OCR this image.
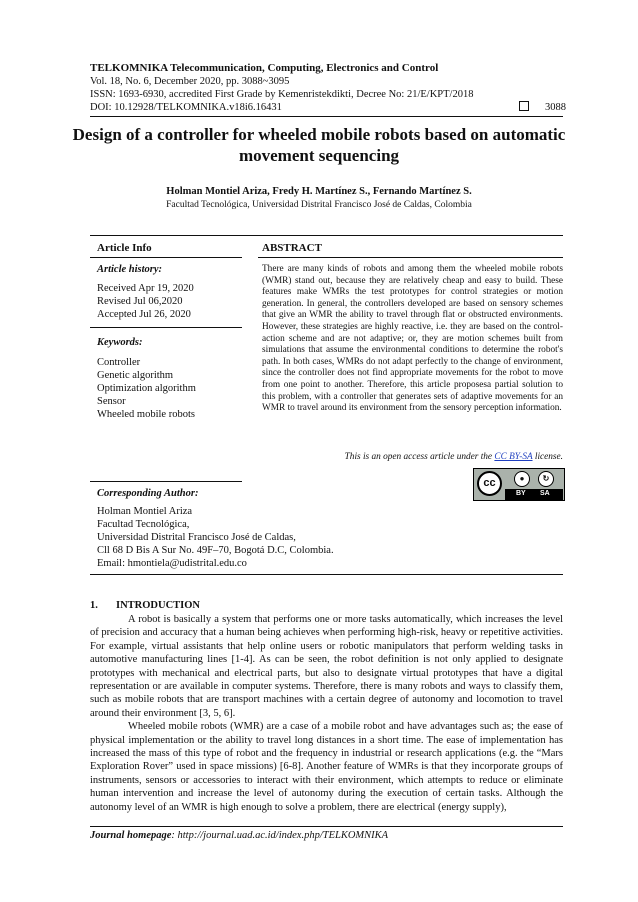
TELKOMNIKA Telecommunication, Computing, Electronics and Control
Vol. 18, No. 6, December 2020, pp. 3088~3095
ISSN: 1693-6930, accredited First Grade by Kemenristekdikti, Decree No: 21/E/KPT/2018
DOI: 10.12928/TELKOMNIKA.v18i6.16431	3088
Design of a controller for wheeled mobile robots based on automatic movement sequencing
Holman Montiel Ariza, Fredy H. Martínez S., Fernando Martínez S.
Facultad Tecnológica, Universidad Distrital Francisco José de Caldas, Colombia
Article Info	ABSTRACT
Article history:
Received Apr 19, 2020
Revised Jul 06,2020
Accepted Jul 26, 2020
Keywords:
Controller
Genetic algorithm
Optimization algorithm
Sensor
Wheeled mobile robots
There are many kinds of robots and among them the wheeled mobile robots (WMR) stand out, because they are relatively cheap and easy to build. These features make WMRs the test prototypes for control strategies or motion generation. In general, the controllers developed are based on sensory schemes that give an WMR the ability to travel through flat or obstructed environments. However, these strategies are highly reactive, i.e. they are based on the control-action scheme and are not adaptive; or, they are motion schemes built from simulations that assume the environmental conditions to determine the robot's path. In both cases, WMRs do not adapt perfectly to the change of environment, since the controller does not find appropriate movements for the robot to move from one point to another. Therefore, this article proposesa partial solution to this problem, with a controller that generates sets of adaptive movements for an WMR to travel around its environment from the sensory perception information.
This is an open access article under the CC BY-SA license.
cc	●	↻
BY SA
Corresponding Author:
Holman Montiel Ariza
Facultad Tecnológica,
Universidad Distrital Francisco José de Caldas,
Cll 68 D Bis A Sur No. 49F–70, Bogotá D.C, Colombia.
Email: hmontiela@udistrital.edu.co
1. INTRODUCTION

A robot is basically a system that performs one or more tasks automatically, which increases the level of precision and accuracy that a human being achieves when performing high-risk, heavy or repetitive activities. For example, virtual assistants that help online users or robotic manipulators that perform welding tasks in automotive manufacturing lines [1-4]. As can be seen, the robot definition is not only applied to designate prototypes with mechanical and electrical parts, but also to designate virtual prototypes that have a digital representation or are available in computer systems. Therefore, there is many robots and ways to classify them, such as mobile robots that are transport machines with a certain degree of autonomy and locomotion to travel around their environment [3, 5, 6].

Wheeled mobile robots (WMR) are a case of a mobile robot and have advantages such as; the ease of physical implementation or the ability to travel long distances in a short time. The ease of implementation has increased the mass of this type of robot and the frequency in industrial or research applications (e.g. the “Mars Exploration Rover” used in space missions) [6-8]. Another feature of WMRs is that they incorporate groups of instruments, sensors or accessories to interact with their environment, which attempts to reduce or eliminate human intervention and increase the level of autonomy during the execution of certain tasks. Although the autonomy level of an WMR is high enough to solve a problem, there are electrical (energy supply),

Journal homepage: http://journal.uad.ac.id/index.php/TELKOMNIKA
